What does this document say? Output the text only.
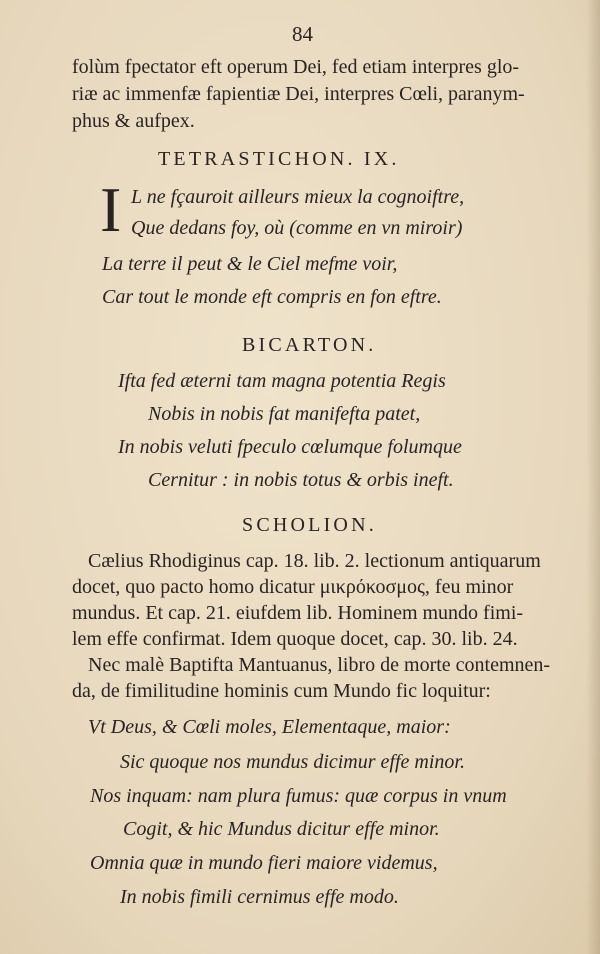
84
folùm fpectator eft operum Dei, fed etiam interpres glo-
riæ ac immenfæ fapientiæ Dei, interpres Cœli, paranym-
phus & aufpex.
TETRASTICHON. IX.
I L ne fçauroit ailleurs mieux la cognoiftre,
Que dedans foy, où (comme en vn miroir)
La terre il peut & le Ciel mefme voir,
Car tout le monde eft compris en fon eftre.
BICARTON.
Ifta fed æterni tam magna potentia Regis
Nobis in nobis fat manifefta patet,
In nobis veluti fpeculo cœlumque folumque
Cernitur : in nobis totus & orbis ineft.
SCHOLION.
Cælius Rhodiginus cap. 18. lib. 2. lectionum antiquarum
docet, quo pacto homo dicatur μικρόκοσμος, feu minor
mundus. Et cap. 21. eiufdem lib. Hominem mundo fimi-
lem effe confirmat. Idem quoque docet, cap. 30. lib. 24.
Nec malè Baptifta Mantuanus, libro de morte contemnen-
da, de fimilitudine hominis cum Mundo fic loquitur:
Vt Deus, & Cœli moles, Elementaque, maior:
Sic quoque nos mundus dicimur effe minor.
Nos inquam: nam plura fumus: quæ corpus in vnum
Cogit, & hic Mundus dicitur effe minor.
Omnia quæ in mundo fieri maiore videmus,
In nobis fimili cernimus effe modo.
